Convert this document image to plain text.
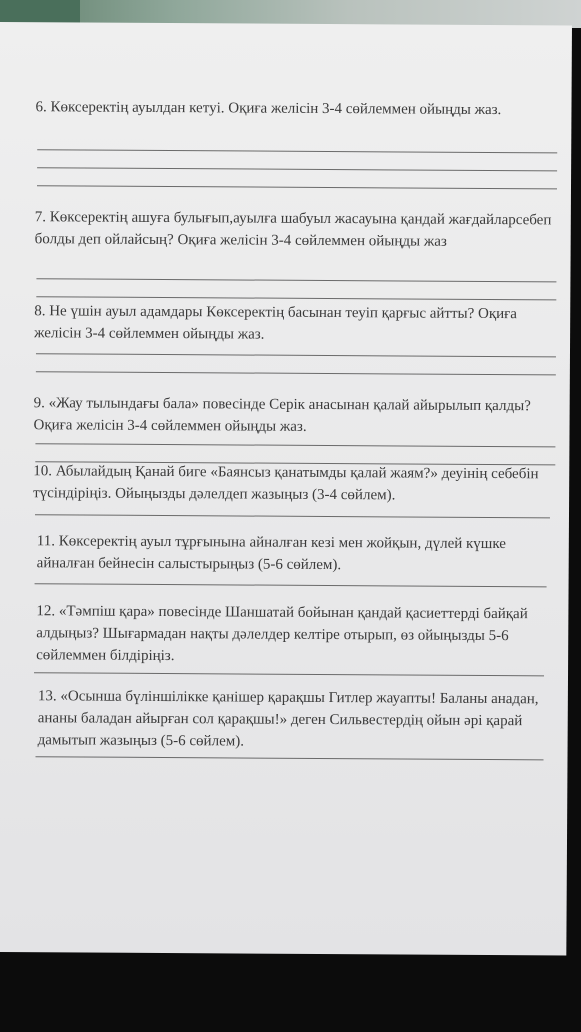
6. Көксеректің ауылдан кетуі. Оқиға желісін 3-4 сөйлеммен ойыңды жаз.

7. Көксеректің ашуға булығып,ауылға шабуыл жасауына қандай жағдайларсебеп болды деп ойлайсың? Оқиға желісін 3-4 сөйлеммен ойыңды жаз

8. Не үшін ауыл адамдары Көксеректің басынан теуіп қарғыс айтты? Оқиға желісін 3-4 сөйлеммен ойыңды жаз.

9. «Жау тылындағы бала» повесінде Серік анасынан қалай айырылып қалды? Оқиға желісін 3-4 сөйлеммен ойыңды жаз.

10. Абылайдың Қанай биге «Баянсыз қанатымды қалай жаям?» деуінің себебін түсіндіріңіз. Ойыңызды дәлелдеп жазыңыз (3-4 сөйлем).

11. Көксеректің ауыл тұрғынына айналған кезі мен жойқын, дүлей күшке айналған бейнесін салыстырыңыз (5-6 сөйлем).

12. «Тәмпіш қара» повесінде Шаншатай бойынан қандай қасиеттерді байқай алдыңыз? Шығармадан нақты дәлелдер келтіре отырып, өз ойыңызды 5-6 сөйлеммен білдіріңіз.

13. «Осынша бүліншілікке қанішер қарақшы Гитлер жауапты! Баланы анадан, ананы баладан айырған сол қарақшы!» деген Сильвестердің ойын әрі қарай дамытып жазыңыз (5-6 сөйлем).
